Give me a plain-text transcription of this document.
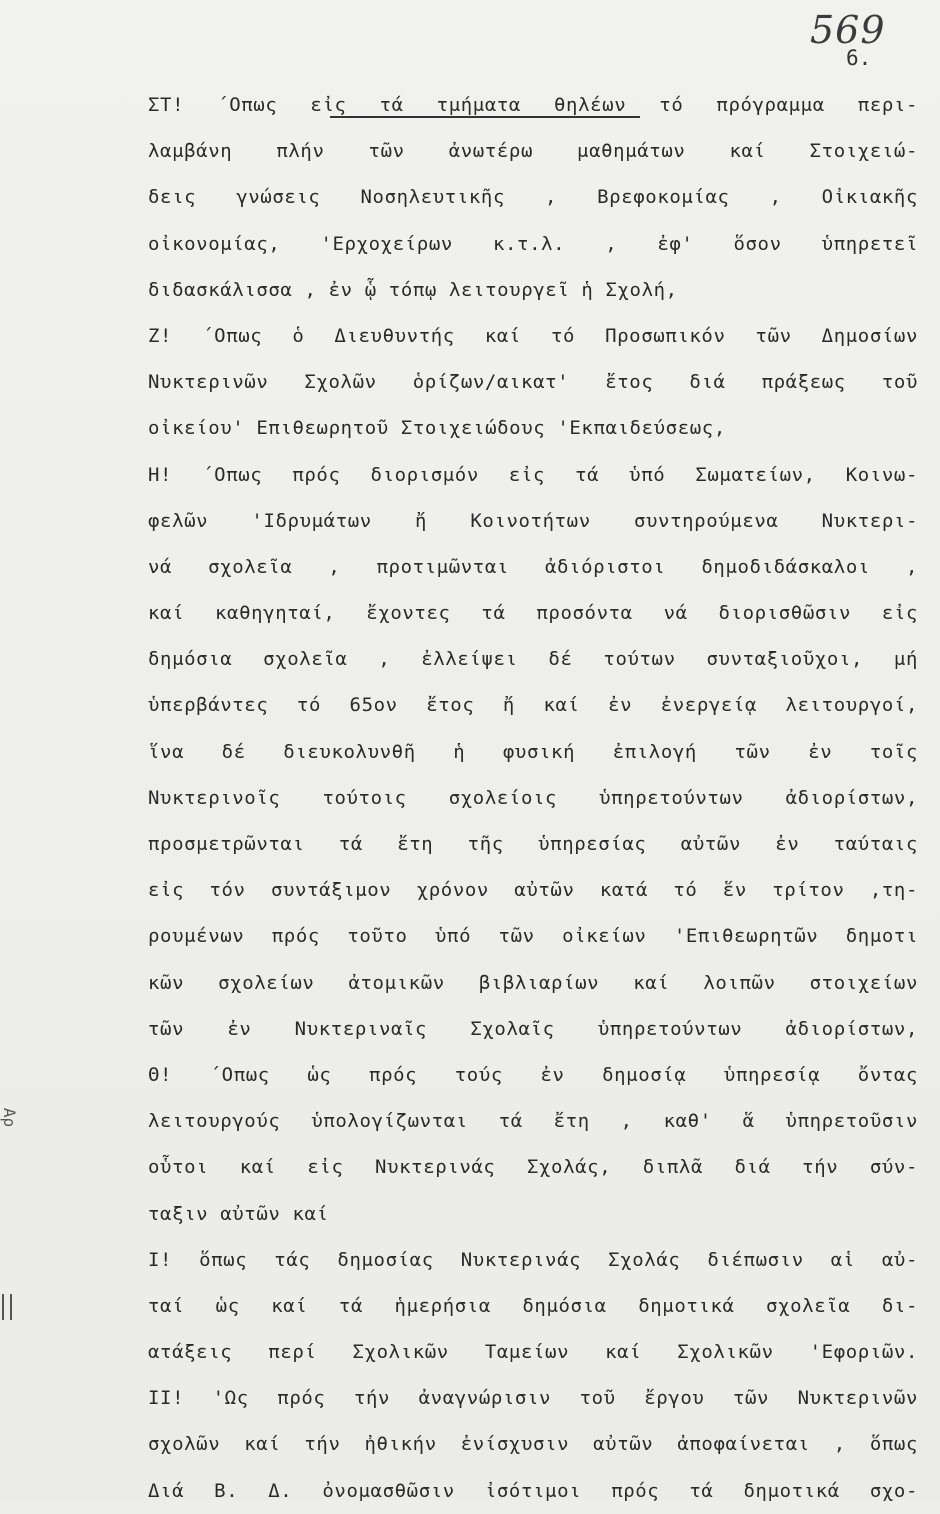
569
6.
Αρ
ΣΤ! ΄Οπως εἰς τά τμήματα θηλέων τό πρόγραμμα περι-
λαμβάνη πλήν τῶν ἀνωτέρω μαθημάτων καί Στοιχειώ-
δεις γνώσεις Νοσηλευτικῆς , Βρεφοκομίας , Οἰκιακῆς
οἰκονομίας, 'Ερχοχείρων κ.τ.λ. , ἐφ' ὅσον ὑπηρετεῖ
διδασκάλισσα , ἐν ᾧ τόπῳ λειτουργεῖ ἡ Σχολή,
Ζ! ΄Οπως ὁ Διευθυντής καί τό Προσωπικόν τῶν Δημοσίων
Νυκτερινῶν Σχολῶν ὁρίζων/αικατ' ἔτος διά πράξεως τοῦ
οἰκείου' Επιθεωρητοῦ Στοιχειώδους 'Εκπαιδεύσεως,
Η! ΄Οπως πρός διορισμόν εἰς τά ὑπό Σωματείων, Κοινω-
φελῶν 'Ιδρυμάτων ἤ Κοινοτήτων συντηρούμενα Νυκτερι-
νά σχολεῖα , προτιμῶνται ἀδιόριστοι δημοδιδάσκαλοι ,
καί καθηγηταί, ἔχοντες τά προσόντα νά διορισθῶσιν εἰς
δημόσια σχολεῖα , ἐλλείψει δέ τούτων συνταξιοῦχοι, μή
ὑπερβάντες τό 65ον ἔτος ἤ καί ἐν ἐνεργείᾳ λειτουργοί,
ἵνα δέ διευκολυνθῆ ἡ φυσική ἐπιλογή τῶν ἐν τοῖς
Νυκτερινοῖς τούτοις σχολείοις ὑπηρετούντων ἀδιορίστων,
προσμετρῶνται τά ἔτη τῆς ὑπηρεσίας αὐτῶν ἐν ταύταις
εἰς τόν συντάξιμον χρόνον αὐτῶν κατά τό ἕν τρίτον ,τη-
ρουμένων πρός τοῦτο ὑπό τῶν οἰκείων 'Επιθεωρητῶν δημοτι
κῶν σχολείων ἀτομικῶν βιβλιαρίων καί λοιπῶν στοιχείων
τῶν ἐν Νυκτεριναῖς Σχολαῖς ὑπηρετούντων ἀδιορίστων,
Θ! ΄Οπως ὡς πρός τούς ἐν δημοσίᾳ ὑπηρεσίᾳ ὄντας
λειτουργούς ὑπολογίζωνται τά ἔτη , καθ' ἅ ὑπηρετοῦσιν
οὗτοι καί εἰς Νυκτερινάς Σχολάς, διπλᾶ διά τήν σύν-
ταξιν αὐτῶν καί
Ι! ὅπως τάς δημοσίας Νυκτερινάς Σχολάς διέπωσιν αἱ αὐ-
ταί ὡς καί τά ἡμερήσια δημόσια δημοτικά σχολεῖα δι-
ατάξεις περί Σχολικῶν Ταμείων καί Σχολικῶν 'Εφοριῶν.
ΙΙ! 'Ως πρός τήν ἀναγνώρισιν τοῦ ἔργου τῶν Νυκτερινῶν
σχολῶν καί τήν ἠθικήν ἐνίσχυσιν αὐτῶν ἀποφαίνεται , ὅπως
Διά Β. Δ. ὀνομασθῶσιν ἰσότιμοι πρός τά δημοτικά σχο-
